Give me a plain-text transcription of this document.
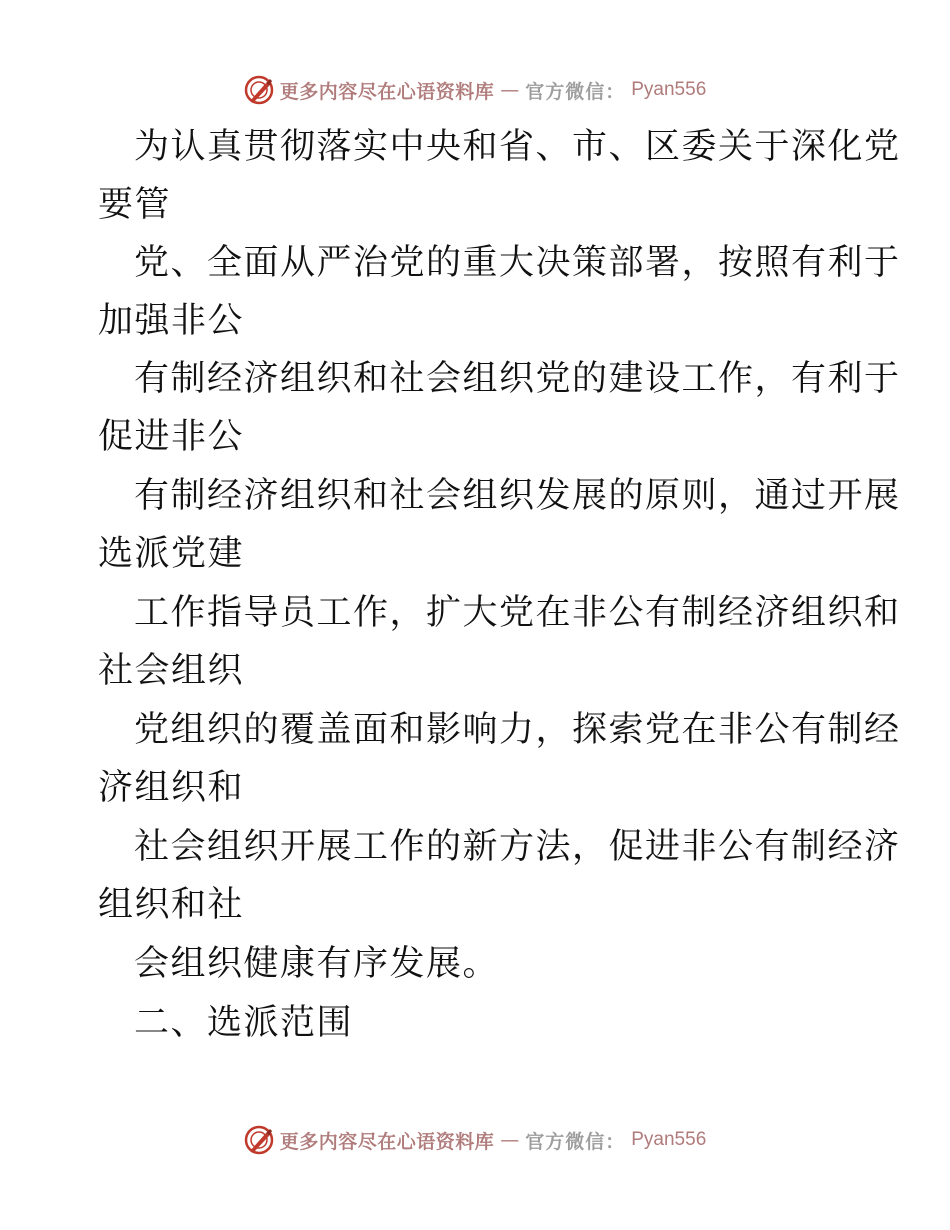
更多内容尽在心语资料库 — 官方微信： Pyan556
为认真贯彻落实中央和省、市、区委关于深化党
要管
党、全面从严治党的重大决策部署，按照有利于
加强非公
有制经济组织和社会组织党的建设工作，有利于
促进非公
有制经济组织和社会组织发展的原则，通过开展
选派党建
工作指导员工作，扩大党在非公有制经济组织和
社会组织
党组织的覆盖面和影响力，探索党在非公有制经
济组织和
社会组织开展工作的新方法，促进非公有制经济
组织和社
会组织健康有序发展。
二、选派范围
更多内容尽在心语资料库 — 官方微信： Pyan556
